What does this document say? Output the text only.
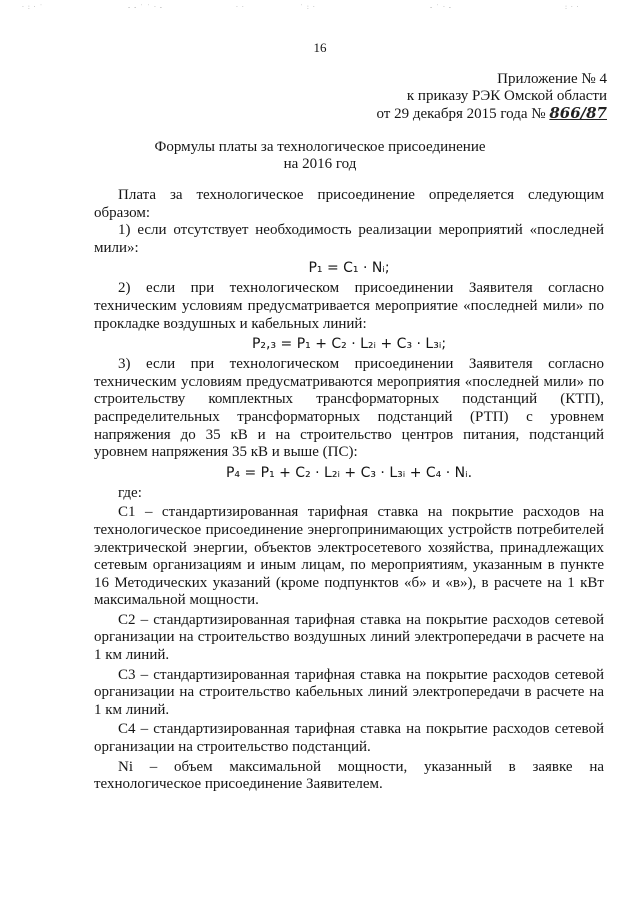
· : · ˙	- - ˙ ˙ · -	· ·	˙ : ·	- ˙ · -	: · ·
16
Приложение № 4
к приказу РЭК Омской области
от 29 декабря 2015 года № 866/87
Формулы платы за технологическое присоединение
на 2016 год

Плата за технологическое присоединение определяется следующим образом:

1) если отсутствует необходимость реализации мероприятий «последней мили»:

P₁ = C₁ · Nᵢ;

2) если при технологическом присоединении Заявителя согласно техническим условиям предусматривается мероприятие «последней мили» по прокладке воздушных и кабельных линий:

P₂,₃ = P₁ + C₂ · L₂ᵢ + C₃ · L₃ᵢ;

3) если при технологическом присоединении Заявителя согласно техническим условиям предусматриваются мероприятия «последней мили» по строительству комплектных трансформаторных подстанций (КТП), распределительных трансформаторных подстанций (РТП) с уровнем напряжения до 35 кВ и на строительство центров питания, подстанций уровнем напряжения 35 кВ и выше (ПС):

P₄ = P₁ + C₂ · L₂ᵢ + C₃ · L₃ᵢ + C₄ · Nᵢ.

где:

С1 – стандартизированная тарифная ставка на покрытие расходов на технологическое присоединение энергопринимающих устройств потребителей электрической энергии, объектов электросетевого хозяйства, принадлежащих сетевым организациям и иным лицам, по мероприятиям, указанным в пункте 16 Методических указаний (кроме подпунктов «б» и «в»), в расчете на 1 кВт максимальной мощности.

С2 – стандартизированная тарифная ставка на покрытие расходов сетевой организации на строительство воздушных линий электропередачи в расчете на 1 км линий.

С3 – стандартизированная тарифная ставка на покрытие расходов сетевой организации на строительство кабельных линий электропередачи в расчете на 1 км линий.

С4 – стандартизированная тарифная ставка на покрытие расходов сетевой организации на строительство подстанций.

Ni – объем максимальной мощности, указанный в заявке на технологическое присоединение Заявителем.
